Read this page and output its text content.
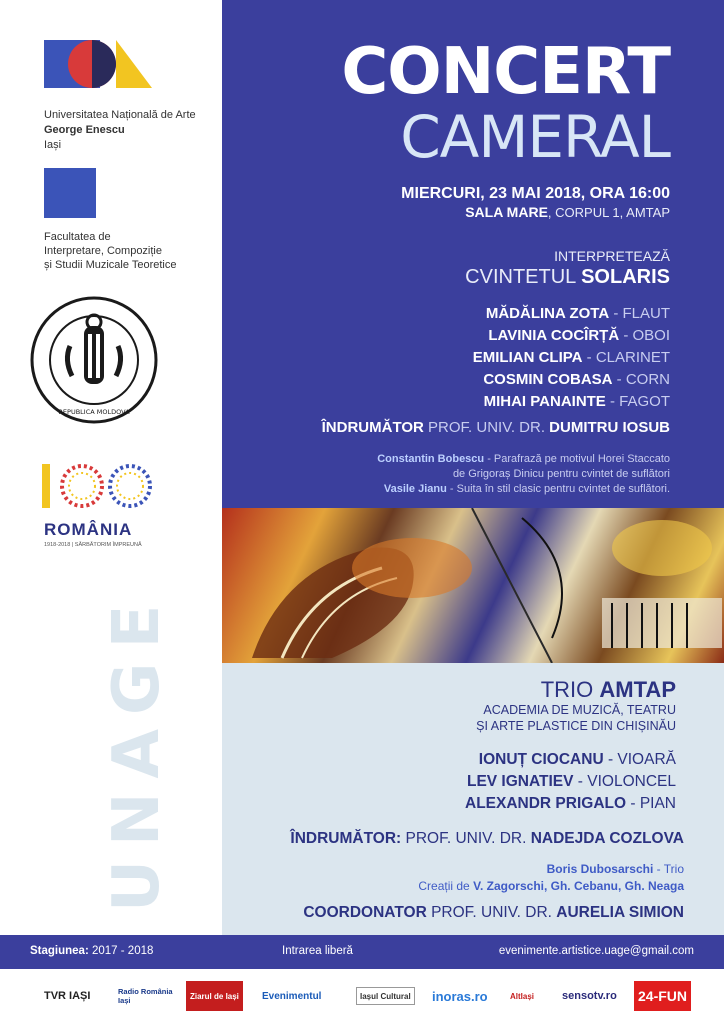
Universitatea Națională de Arte
George Enescu
Iași
Facultatea de
Interpretare, Compoziție
și Studii Muzicale Teoretice
REPUBLICA MOLDOVA
ROMÂNIA
1918-2018 | SĂRBĂTORIM ÎMPREUNĂ
UNAGE
CONCERT
CAMERAL
MIERCURI, 23 MAI 2018, ORA 16:00
SALA MARE, CORPUL 1, AMTAP
INTERPRETEAZĂ
CVINTETUL SOLARIS
MĂDĂLINA ZOTA - FLAUT
LAVINIA COCÎRȚĂ - OBOI
EMILIAN CLIPA - CLARINET
COSMIN COBASA - CORN
MIHAI PANAINTE - FAGOT
ÎNDRUMĂTOR PROF. UNIV. DR. DUMITRU IOSUB
Constantin Bobescu - Parafrază pe motivul Horei Staccato
de Grigoraș Dinicu pentru cvintet de suflători
Vasile Jianu - Suita în stil clasic pentru cvintet de suflători.
TRIO AMTAP
ACADEMIA DE MUZICĂ, TEATRU
ȘI ARTE PLASTICE DIN CHIȘINĂU
IONUȚ CIOCANU - VIOARĂ
LEV IGNATIEV - VIOLONCEL
ALEXANDR PRIGALO - PIAN
ÎNDRUMĂTOR: PROF. UNIV. DR. NADEJDA COZLOVA
Boris Dubosarschi - Trio
Creații de V. Zagorschi, Gh. Cebanu, Gh. Neaga
COORDONATOR PROF. UNIV. DR. AURELIA SIMION
Stagiunea: 2017 - 2018	Intrarea liberă	evenimente.artistice.uage@gmail.com
TVR IAȘI	Radio România Iași	Ziarul de Iași Evenimentul	Iașul Cultural inoras.ro	AltIași	sensotv.ro 24-FUN
